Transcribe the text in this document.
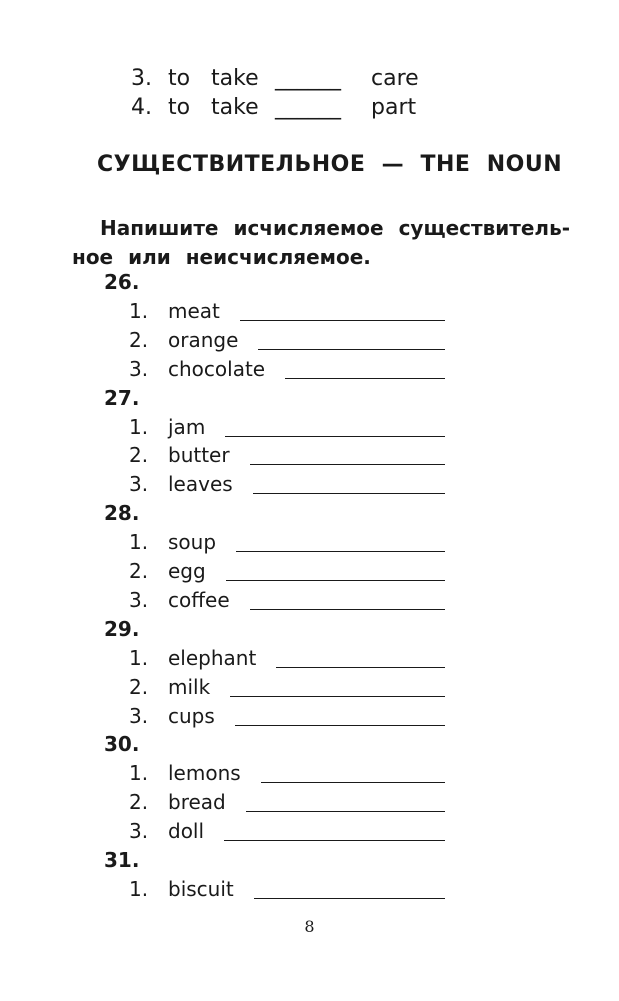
3. to take ______ care
4. to take ______ part
СУЩЕСТВИТЕЛЬНОЕ  —  THE  NOUN
Напишите исчисляемое существитель-
ное или неисчисляемое.
26.
1. meat
2. orange
3. chocolate
27.
1. jam
2. butter
3. leaves
28.
1. soup
2. egg
3. coffee
29.
1. elephant
2. milk
3. cups
30.
1. lemons
2. bread
3. doll
31.
1. biscuit
8
